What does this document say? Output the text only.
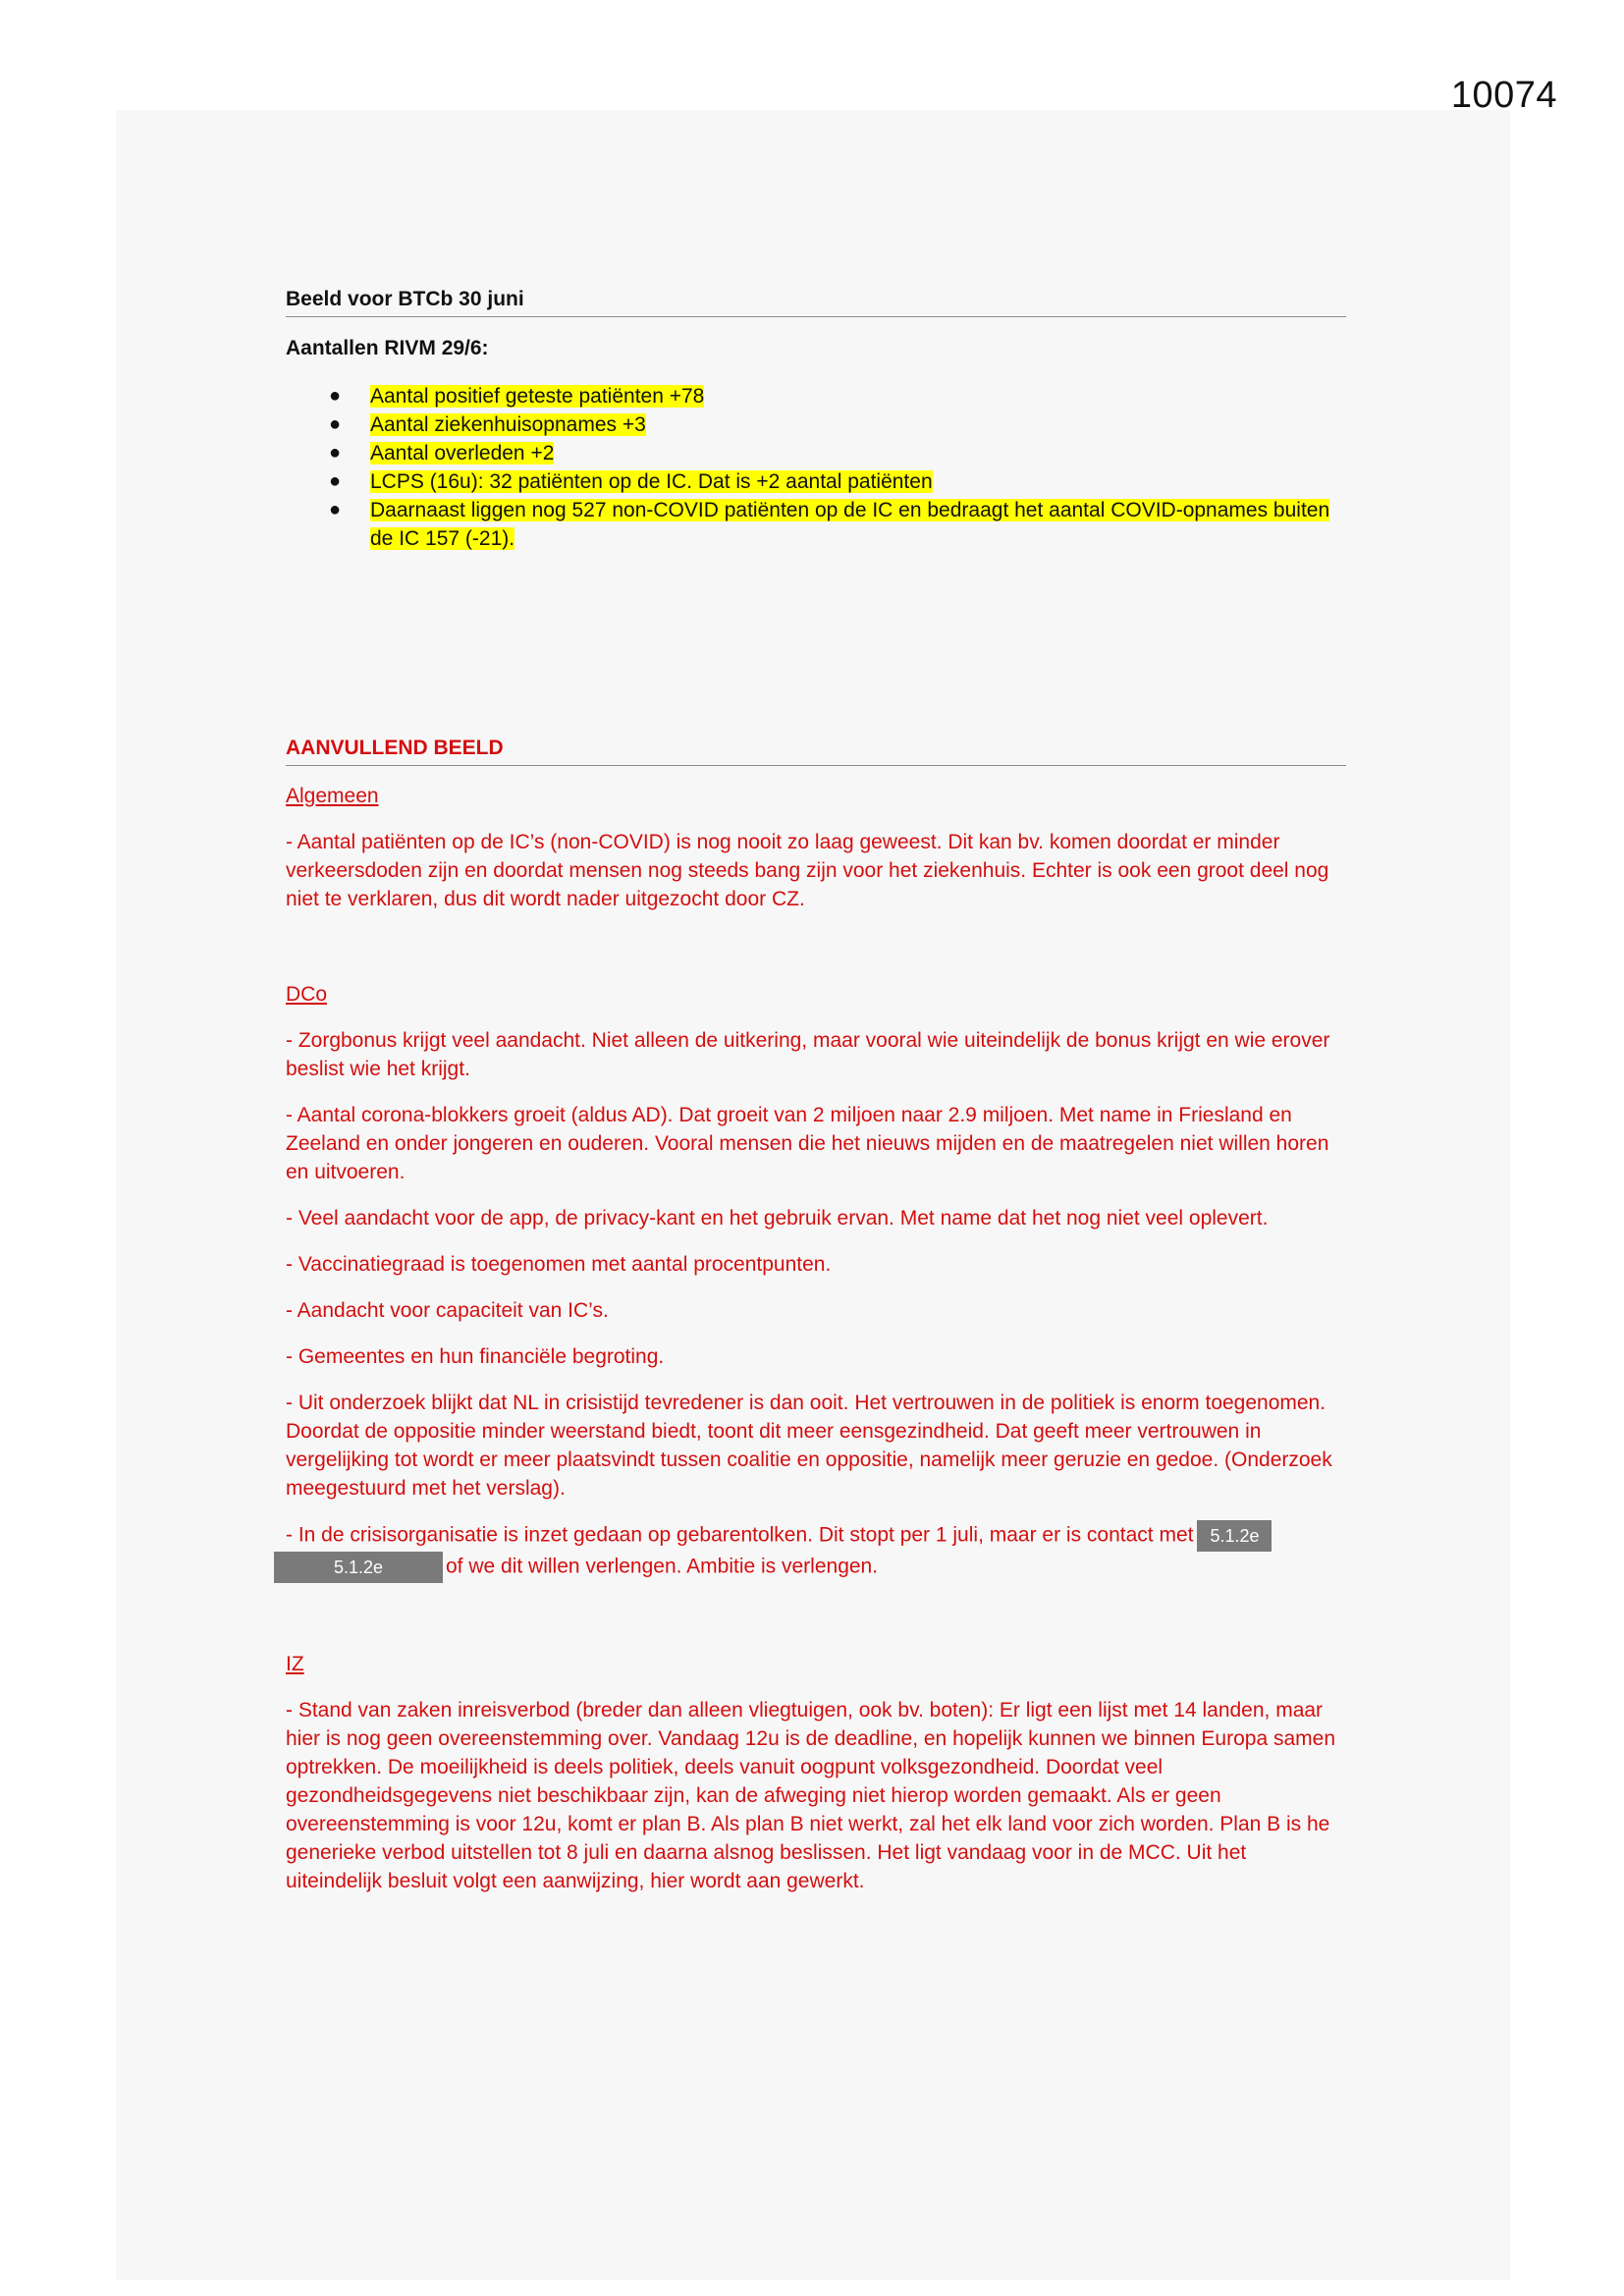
10074
Beeld voor BTCb 30 juni
Aantallen RIVM 29/6:
● Aantal positief geteste patiënten +78
● Aantal ziekenhuisopnames +3
● Aantal overleden +2
● LCPS (16u): 32 patiënten op de IC. Dat is +2 aantal patiënten
● Daarnaast liggen nog 527 non-COVID patiënten op de IC en bedraagt het aantal COVID-opnames buiten de IC 157 (-21).
AANVULLEND BEELD
Algemeen

- Aantal patiënten op de IC’s (non-COVID) is nog nooit zo laag geweest. Dit kan bv. komen doordat er minder verkeersdoden zijn en doordat mensen nog steeds bang zijn voor het ziekenhuis. Echter is ook een groot deel nog niet te verklaren, dus dit wordt nader uitgezocht door CZ.

DCo

- Zorgbonus krijgt veel aandacht. Niet alleen de uitkering, maar vooral wie uiteindelijk de bonus krijgt en wie erover beslist wie het krijgt.

- Aantal corona-blokkers groeit (aldus AD). Dat groeit van 2 miljoen naar 2.9 miljoen. Met name in Friesland en Zeeland en onder jongeren en ouderen. Vooral mensen die het nieuws mijden en de maatregelen niet willen horen en uitvoeren.

- Veel aandacht voor de app, de privacy-kant en het gebruik ervan. Met name dat het nog niet veel oplevert.

- Vaccinatiegraad is toegenomen met aantal procentpunten.

- Aandacht voor capaciteit van IC’s.

- Gemeentes en hun financiële begroting.

- Uit onderzoek blijkt dat NL in crisistijd tevredener is dan ooit. Het vertrouwen in de politiek is enorm toegenomen. Doordat de oppositie minder weerstand biedt, toont dit meer eensgezindheid. Dat geeft meer vertrouwen in vergelijking tot wordt er meer plaatsvindt tussen coalitie en oppositie, namelijk meer geruzie en gedoe. (Onderzoek meegestuurd met het verslag).

- In de crisisorganisatie is inzet gedaan op gebarentolken. Dit stopt per 1 juli, maar er is contact met 5.1.2e
5.1.2e	of we dit willen verlengen. Ambitie is verlengen.

IZ

- Stand van zaken inreisverbod (breder dan alleen vliegtuigen, ook bv. boten): Er ligt een lijst met 14 landen, maar hier is nog geen overeenstemming over. Vandaag 12u is de deadline, en hopelijk kunnen we binnen Europa samen optrekken. De moeilijkheid is deels politiek, deels vanuit oogpunt volksgezondheid. Doordat veel gezondheidsgegevens niet beschikbaar zijn, kan de afweging niet hierop worden gemaakt. Als er geen overeenstemming is voor 12u, komt er plan B. Als plan B niet werkt, zal het elk land voor zich worden. Plan B is he generieke verbod uitstellen tot 8 juli en daarna alsnog beslissen. Het ligt vandaag voor in de MCC. Uit het uiteindelijk besluit volgt een aanwijzing, hier wordt aan gewerkt.
